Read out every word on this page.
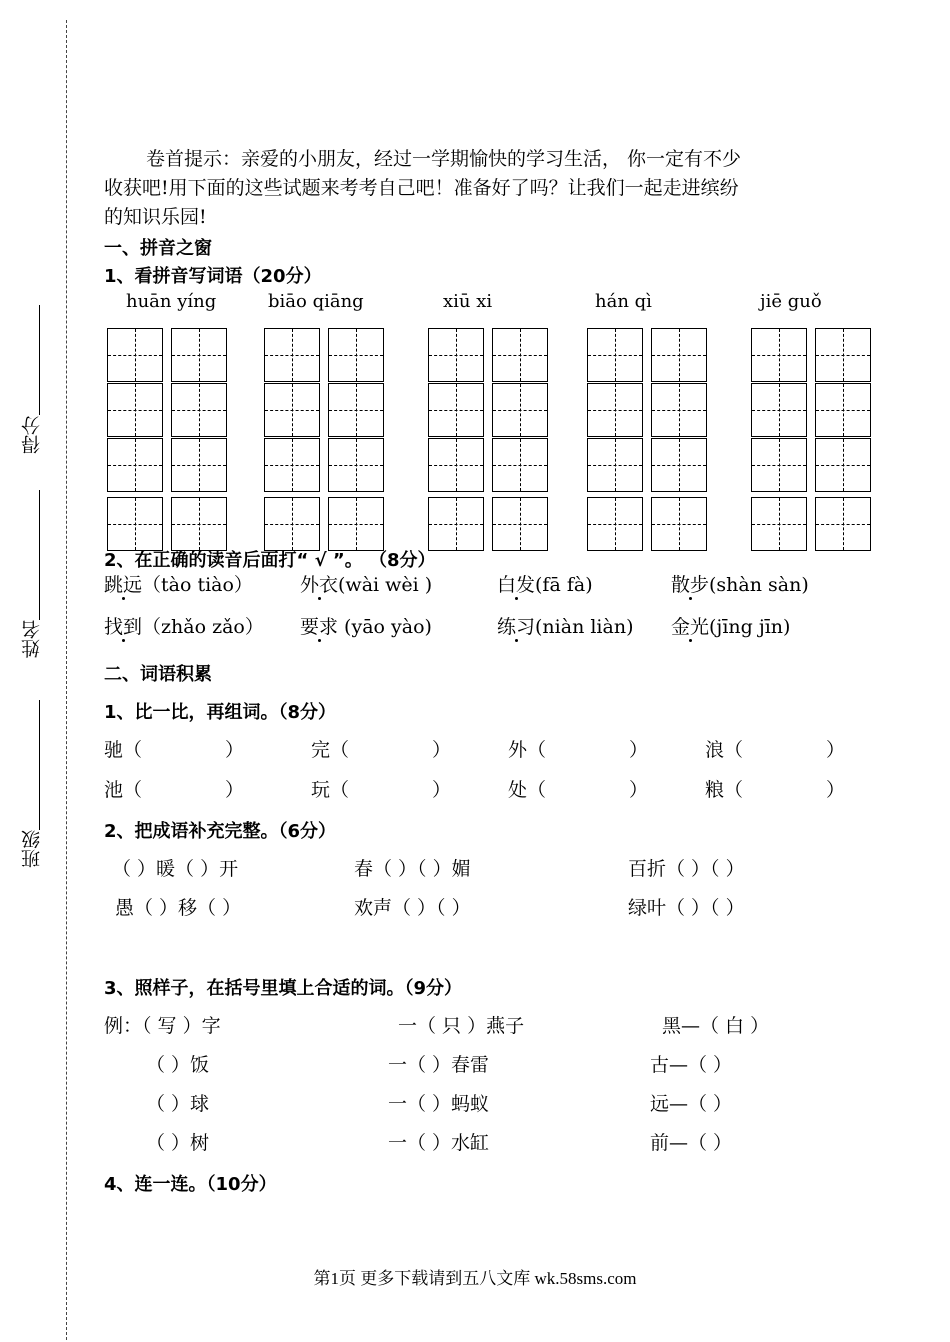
得分
姓名
班级
卷首提示：亲爱的小朋友，经过一学期愉快的学习生活， 你一定有不少
收获吧!用下面的这些试题来考考自己吧！准备好了吗？让我们一起走进缤纷
的知识乐园!
一、拼音之窗
1、看拼音写词语（20分）
huān yíng	biāo qiāng	xiū xi	hán qì	jiē guǒ
2、在正确的读音后面打“ √ ”。 （8分）
跳远（tào tiào） 外衣(wài wèi )	白发(fā fà)	散步(shàn sàn)
找到（zhǎo zǎo） 要求 (yāo yào)	练习(niàn liàn) 金光(jīng jīn)
二、词语积累
1、比一比，再组词。（8分）
驰（	）	完（	）	外（	）	浪（	）
池（	）	玩（	）	处（	）	粮（	）
2、把成语补充完整。（6分）
（ ）暖（ ）开	春（ ）（ ）媚	百折（ ）（ ）
愚（ ）移（ ）	欢声（ ）（ ）	绿叶（ ）（ ）
3、照样子，在括号里填上合适的词。（9分）
例：（ 写 ）字	一（ 只 ）燕子	黑—（ 白 ）
（ ）饭	一（ ）春雷	古—（ ）
（ ）球	一（ ）蚂蚁	远—（ ）
（ ）树	一（ ）水缸	前—（ ）
4、连一连。（10分）
第1页 更多下载请到五八文库 wk.58sms.com
